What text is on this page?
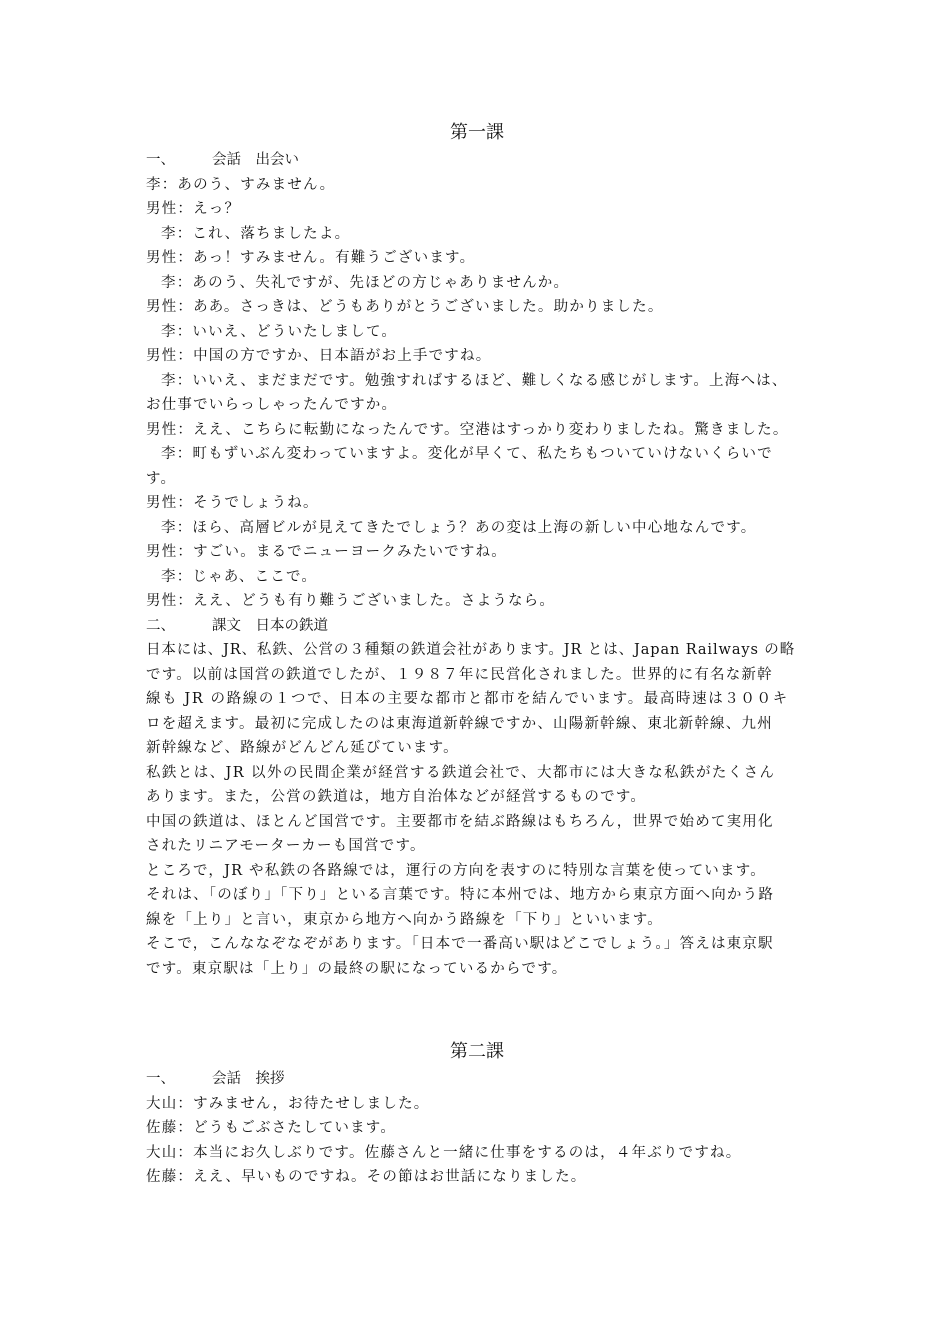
第一課

一、	会話　出会い

李：あのう、すみません。

男性：えっ？

李：これ、落ちましたよ。

男性：あっ！すみません。有難うございます。

李：あのう、失礼ですが、先ほどの方じゃありませんか。

男性：ああ。さっきは、どうもありがとうございました。助かりました。

李：いいえ、どういたしまして。

男性：中国の方ですか、日本語がお上手ですね。

李：いいえ、まだまだです。勉強すればするほど、難しくなる感じがします。上海へは、

お仕事でいらっしゃったんですか。

男性：ええ、こちらに転勤になったんです。空港はすっかり変わりましたね。驚きました。

李：町もずいぶん変わっていますよ。変化が早くて、私たちもついていけないくらいで

す。

男性：そうでしょうね。

李：ほら、高層ビルが見えてきたでしょう？あの変は上海の新しい中心地なんです。

男性：すごい。まるでニューヨークみたいですね。

李：じゃあ、ここで。

男性：ええ、どうも有り難うございました。さようなら。

二、	課文　日本の鉄道

日本には、JR、私鉄、公営の３種類の鉄道会社があります。JR とは、Japan Railways の略

です。以前は国営の鉄道でしたが、１９８７年に民営化されました。世界的に有名な新幹

線も JR の路線の１つで、日本の主要な都市と都市を結んでいます。最高時速は３００キ

ロを超えます。最初に完成したのは東海道新幹線ですか、山陽新幹線、東北新幹線、九州

新幹線など、路線がどんどん延びています。

私鉄とは、JR 以外の民間企業が経営する鉄道会社で、大都市には大きな私鉄がたくさん

あります。また，公営の鉄道は，地方自治体などが経営するものです。

中国の鉄道は、ほとんど国営です。主要都市を結ぶ路線はもちろん，世界で始めて実用化

されたリニアモーターカーも国営です。

ところで，JR や私鉄の各路線では，運行の方向を表すのに特別な言葉を使っています。

それは、「のぼり」「下り」といる言葉です。特に本州では、地方から東京方面へ向かう路

線を「上り」と言い，東京から地方へ向かう路線を「下り」といいます。

そこで，こんななぞなぞがあります。「日本で一番高い駅はどこでしょう。」答えは東京駅

です。東京駅は「上り」の最終の駅になっているからです。

第二課

一、	会話　挨拶

大山：すみません，お待たせしました。

佐藤：どうもごぶさたしています。

大山：本当にお久しぶりです。佐藤さんと一緒に仕事をするのは，４年ぶりですね。

佐藤：ええ、早いものですね。その節はお世話になりました。
